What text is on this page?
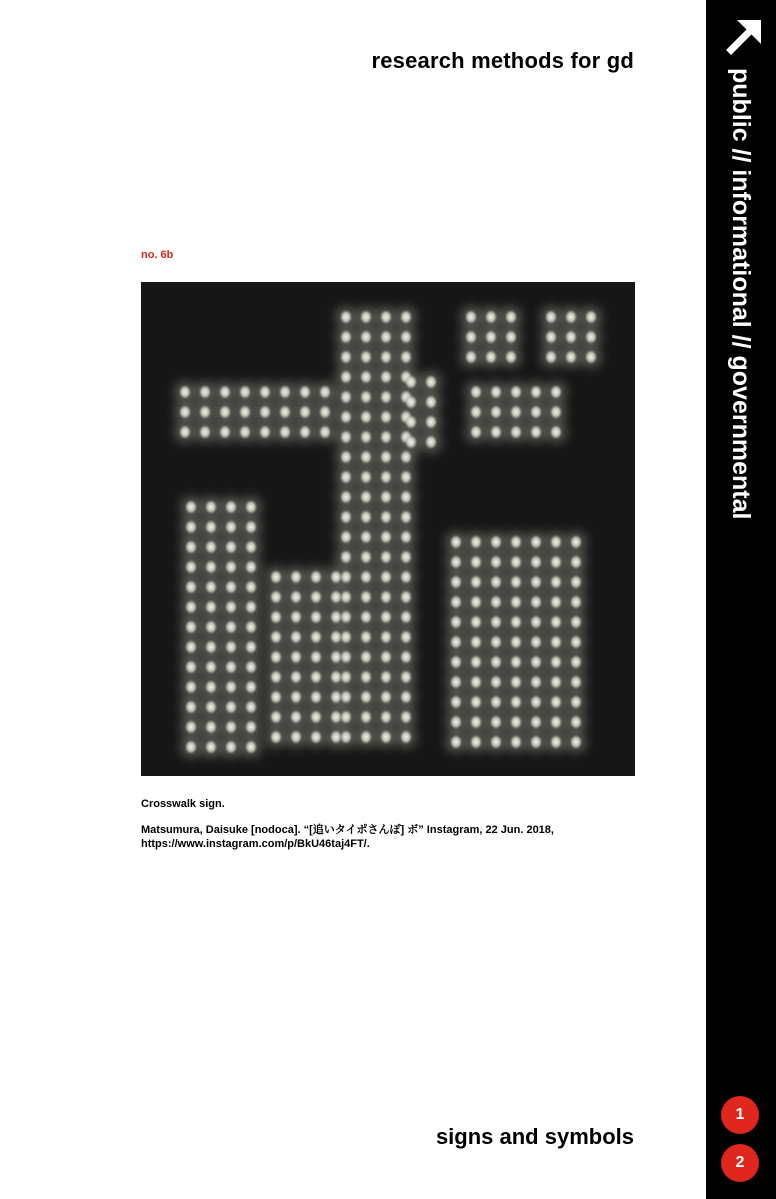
research methods for gd
no. 6b

Crosswalk sign.

Matsumura, Daisuke [nodoca]. “[追いタイポさんぽ] ボ” Instagram, 22 Jun. 2018, https://www.instagram.com/p/BkU46taj4FT/.

signs and symbols
public // informational // governmental
1
2
